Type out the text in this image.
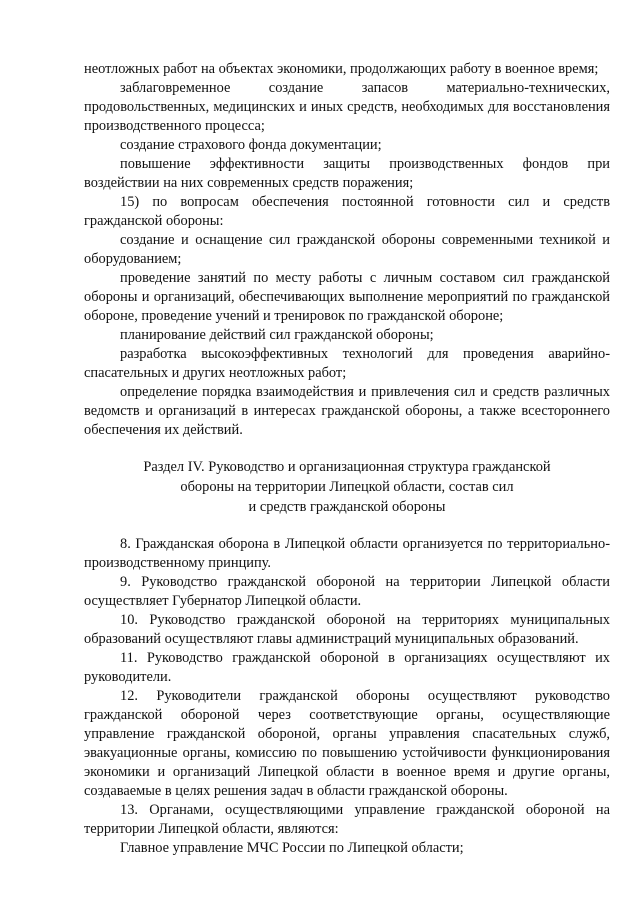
неотложных работ на объектах экономики, продолжающих работу в военное время;

заблаговременное создание запасов материально-технических, продовольственных, медицинских и иных средств, необходимых для восстановления производственного процесса;

создание страхового фонда документации;

повышение эффективности защиты производственных фондов при воздействии на них современных средств поражения;

15) по вопросам обеспечения постоянной готовности сил и средств гражданской обороны:

создание и оснащение сил гражданской обороны современными техникой и оборудованием;

проведение занятий по месту работы с личным составом сил гражданской обороны и организаций, обеспечивающих выполнение мероприятий по гражданской обороне, проведение учений и тренировок по гражданской обороне;

планирование действий сил гражданской обороны;

разработка высокоэффективных технологий для проведения аварийно-спасательных и других неотложных работ;

определение порядка взаимодействия и привлечения сил и средств различных ведомств и организаций в интересах гражданской обороны, а также всестороннего обеспечения их действий.

Раздел IV. Руководство и организационная структура гражданской
обороны на территории Липецкой области, состав сил
и средств гражданской обороны

8. Гражданская оборона в Липецкой области организуется по территориально-производственному принципу.

9. Руководство гражданской обороной на территории Липецкой области осуществляет Губернатор Липецкой области.

10. Руководство гражданской обороной на территориях муниципальных образований осуществляют главы администраций муниципальных образований.

11. Руководство гражданской обороной в организациях осуществляют их руководители.

12. Руководители гражданской обороны осуществляют руководство гражданской обороной через соответствующие органы, осуществляющие управление гражданской обороной, органы управления спасательных служб, эвакуационные органы, комиссию по повышению устойчивости функционирования экономики и организаций Липецкой области в военное время и другие органы, создаваемые в целях решения задач в области гражданской обороны.

13. Органами, осуществляющими управление гражданской обороной на территории Липецкой области, являются:

Главное управление МЧС России по Липецкой области;
